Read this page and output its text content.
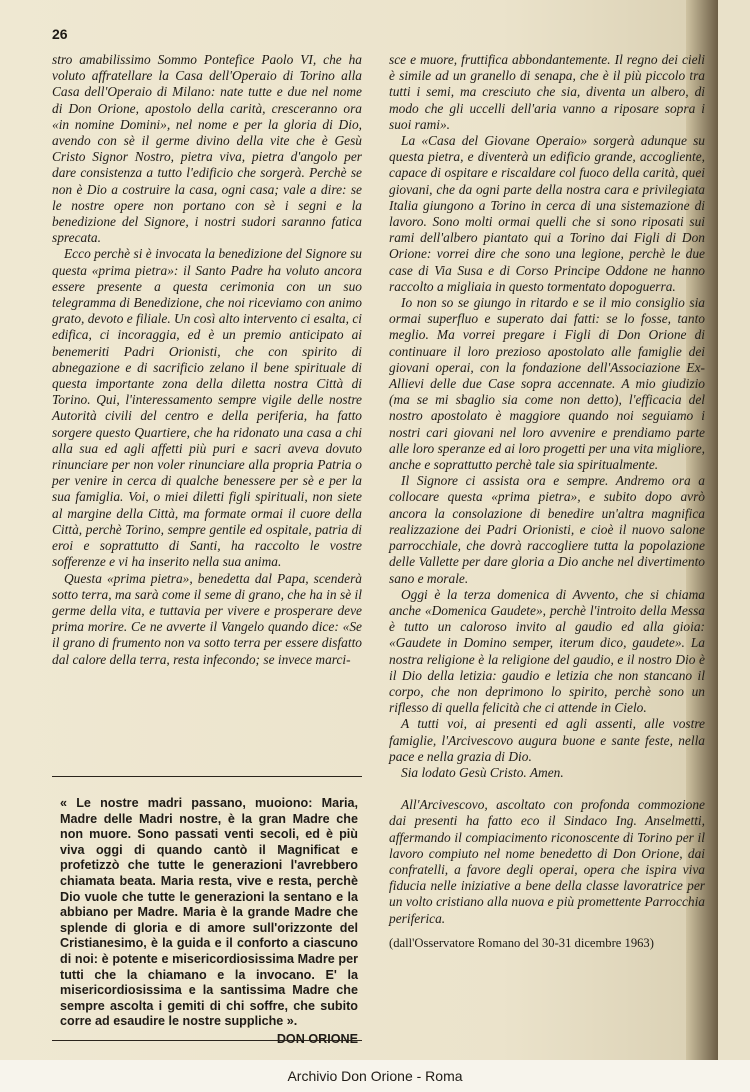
26

stro amabilissimo Sommo Pontefice Paolo VI, che ha voluto affratellare la Casa dell'Operaio di Torino alla Casa dell'Operaio di Milano: nate tutte e due nel nome di Don Orione, apostolo della carità, cresceranno ora «in nomine Domini», nel nome e per la gloria di Dio, avendo con sè il germe divino della vite che è Gesù Cristo Signor Nostro, pietra viva, pietra d'angolo per dare consistenza a tutto l'edificio che sorgerà. Perchè se non è Dio a costruire la casa, ogni casa; vale a dire: se le nostre opere non portano con sè i segni e la benedizione del Signore, i nostri sudori saranno fatica sprecata.

Ecco perchè si è invocata la benedizione del Signore su questa «prima pietra»: il Santo Padre ha voluto ancora essere presente a questa cerimonia con un suo telegramma di Benedizione, che noi riceviamo con animo grato, devoto e filiale. Un così alto intervento ci esalta, ci edifica, ci incoraggia, ed è un premio anticipato ai benemeriti Padri Orionisti, che con spirito di abnegazione e di sacrificio zelano il bene spirituale di questa importante zona della diletta nostra Città di Torino. Qui, l'interessamento sempre vigile delle nostre Autorità civili del centro e della periferia, ha fatto sorgere questo Quartiere, che ha ridonato una casa a chi alla sua ed agli affetti più puri e sacri aveva dovuto rinunciare per non voler rinunciare alla propria Patria o per venire in cerca di qualche benessere per sè e per la sua famiglia. Voi, o miei diletti figli spirituali, non siete al margine della Città, ma formate ormai il cuore della Città, perchè Torino, sempre gentile ed ospitale, patria di eroi e soprattutto di Santi, ha raccolto le vostre sofferenze e vi ha inserito nella sua anima.

Questa «prima pietra», benedetta dal Papa, scenderà sotto terra, ma sarà come il seme di grano, che ha in sè il germe della vita, e tuttavia per vivere e prosperare deve prima morire. Ce ne avverte il Vangelo quando dice: «Se il grano di frumento non va sotto terra per essere disfatto dal calore della terra, resta infecondo; se invece marci-

« Le nostre madri passano, muoiono: Maria, Madre delle Madri nostre, è la gran Madre che non muore. Sono passati venti secoli, ed è più viva oggi di quando cantò il Magnificat e profetizzò che tutte le generazioni l'avrebbero chiamata beata. Maria resta, vive e resta, perchè Dio vuole che tutte le generazioni la sentano e la abbiano per Madre. Maria è la grande Madre che splende di gloria e di amore sull'orizzonte del Cristianesimo, è la guida e il conforto a ciascuno di noi: è potente e misericordiosissima Madre per tutti che la chiamano e la invocano. E' la misericordiosissima e la santissima Madre che sempre ascolta i gemiti di chi soffre, che subito corre ad esaudire le nostre suppliche ».
DON ORIONE

sce e muore, fruttifica abbondantemente. Il regno dei cieli è simile ad un granello di senapa, che è il più piccolo tra tutti i semi, ma cresciuto che sia, diventa un albero, di modo che gli uccelli dell'aria vanno a riposare sopra i suoi rami».

La «Casa del Giovane Operaio» sorgerà adunque su questa pietra, e diventerà un edificio grande, accogliente, capace di ospitare e riscaldare col fuoco della carità, quei giovani, che da ogni parte della nostra cara e privilegiata Italia giungono a Torino in cerca di una sistemazione di lavoro. Sono molti ormai quelli che si sono riposati sui rami dell'albero piantato qui a Torino dai Figli di Don Orione: vorrei dire che sono una legione, perchè le due case di Via Susa e di Corso Principe Oddone ne hanno raccolto a migliaia in questo tormentato dopoguerra.

Io non so se giungo in ritardo e se il mio consiglio sia ormai superfluo e superato dai fatti: se lo fosse, tanto meglio. Ma vorrei pregare i Figli di Don Orione di continuare il loro prezioso apostolato alle famiglie dei giovani operai, con la fondazione dell'Associazione Ex-Allievi delle due Case sopra accennate. A mio giudizio (ma se mi sbaglio sia come non detto), l'efficacia del nostro apostolato è maggiore quando noi seguiamo i nostri cari giovani nel loro avvenire e prendiamo parte alle loro speranze ed ai loro progetti per una vita migliore, anche e soprattutto perchè tale sia spiritualmente.

Il Signore ci assista ora e sempre. Andremo ora a collocare questa «prima pietra», e subito dopo avrò ancora la consolazione di benedire un'altra magnifica realizzazione dei Padri Orionisti, e cioè il nuovo salone parrocchiale, che dovrà raccogliere tutta la popolazione delle Vallette per dare gloria a Dio anche nel divertimento sano e morale.

Oggi è la terza domenica di Avvento, che si chiama anche «Domenica Gaudete», perchè l'introito della Messa è tutto un caloroso invito al gaudio ed alla gioia: «Gaudete in Domino semper, iterum dico, gaudete». La nostra religione è la religione del gaudio, e il nostro Dio è il Dio della letizia: gaudio e letizia che non stancano il corpo, che non deprimono lo spirito, perchè sono un riflesso di quella felicità che ci attende in Cielo.

A tutti voi, ai presenti ed agli assenti, alle vostre famiglie, l'Arcivescovo augura buone e sante feste, nella pace e nella grazia di Dio.

Sia lodato Gesù Cristo. Amen.

All'Arcivescovo, ascoltato con profonda commozione dai presenti ha fatto eco il Sindaco Ing. Anselmetti, affermando il compiacimento riconoscente di Torino per il lavoro compiuto nel nome benedetto di Don Orione, dai confratelli, a favore degli operai, opera che ispira viva fiducia nelle iniziative a bene della classe lavoratrice per un volto cristiano alla nuova e più promettente Parrocchia periferica.

(dall'Osservatore Romano del 30-31 dicembre 1963)

Archivio Don Orione - Roma
